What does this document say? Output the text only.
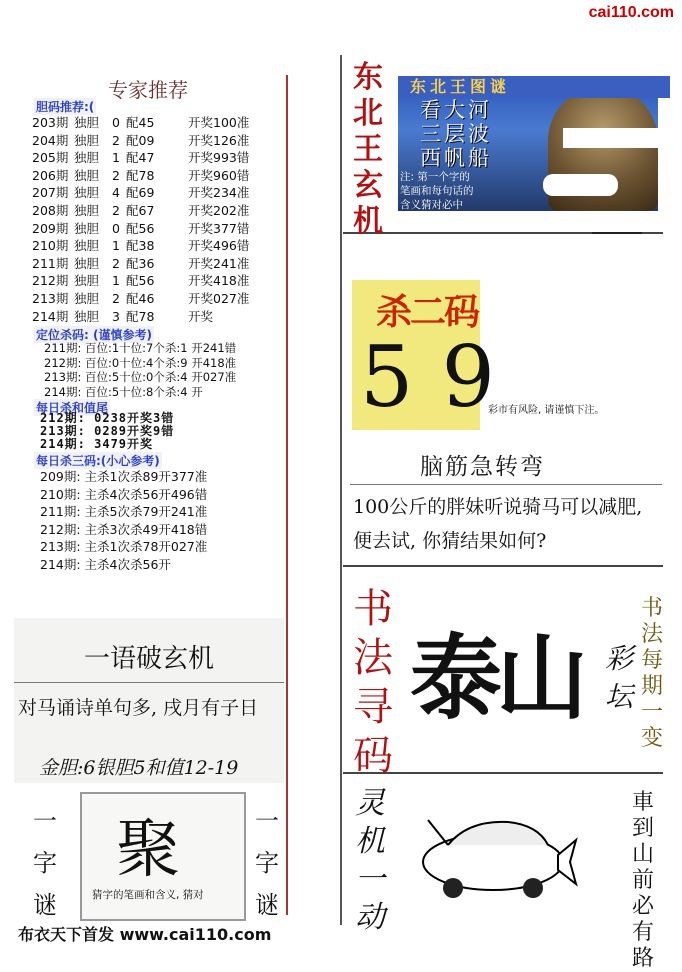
cai110.com
布衣天下首发 www.cai110.com
专家推荐
胆码推荐:(
203期 独胆 0 配45	开奖100准
204期 独胆 2 配09	开奖126准
205期 独胆 1 配47	开奖993错
206期 独胆 2 配78	开奖960错
207期 独胆 4 配69	开奖234准
208期 独胆 2 配67	开奖202准
209期 独胆 0 配56	开奖377错
210期 独胆 1 配38	开奖496错
211期 独胆 2 配36	开奖241准
212期 独胆 1 配56	开奖418准
213期 独胆 2 配46	开奖027准
214期 独胆 3 配78	开奖
定位杀码: (谨慎参考)
211期: 百位:1十位:7个杀:1 开241错
212期: 百位:0十位:4个杀:9 开418准
213期: 百位:5十位:0个杀:4 开027准
214期: 百位:5十位:8个杀:4 开
每日杀和值尾
212期: 0238开奖3错
213期: 0289开奖9错
214期: 3479开奖
每日杀三码:(小心参考)
209期: 主杀1次杀89开377准
210期: 主杀4次杀56开496错
211期: 主杀5次杀79开241准
212期: 主杀3次杀49开418错
213期: 主杀1次杀78开027准
214期: 主杀4次杀56开
一语破玄机
对马诵诗单句多, 戌月有子日
金胆:6银胆5和值12-19
一
字
谜
聚
猜字的笔画和含义, 猜对
一
字
谜
东
北
王
玄
机
东北王图谜
看大河
三层波
西帆船
注: 第一个字的
笔画和每句话的
含义猜对必中
杀二码
59
彩市有风险, 请谨慎下注。
脑筋急转弯
100公斤的胖妹听说骑马可以减肥, 便去试, 你猜结果如何?
书
法
寻
码
泰山 彩
坛
书
法
每
期
一
变
灵
机
一
动
車
到
山
前
必
有
路
